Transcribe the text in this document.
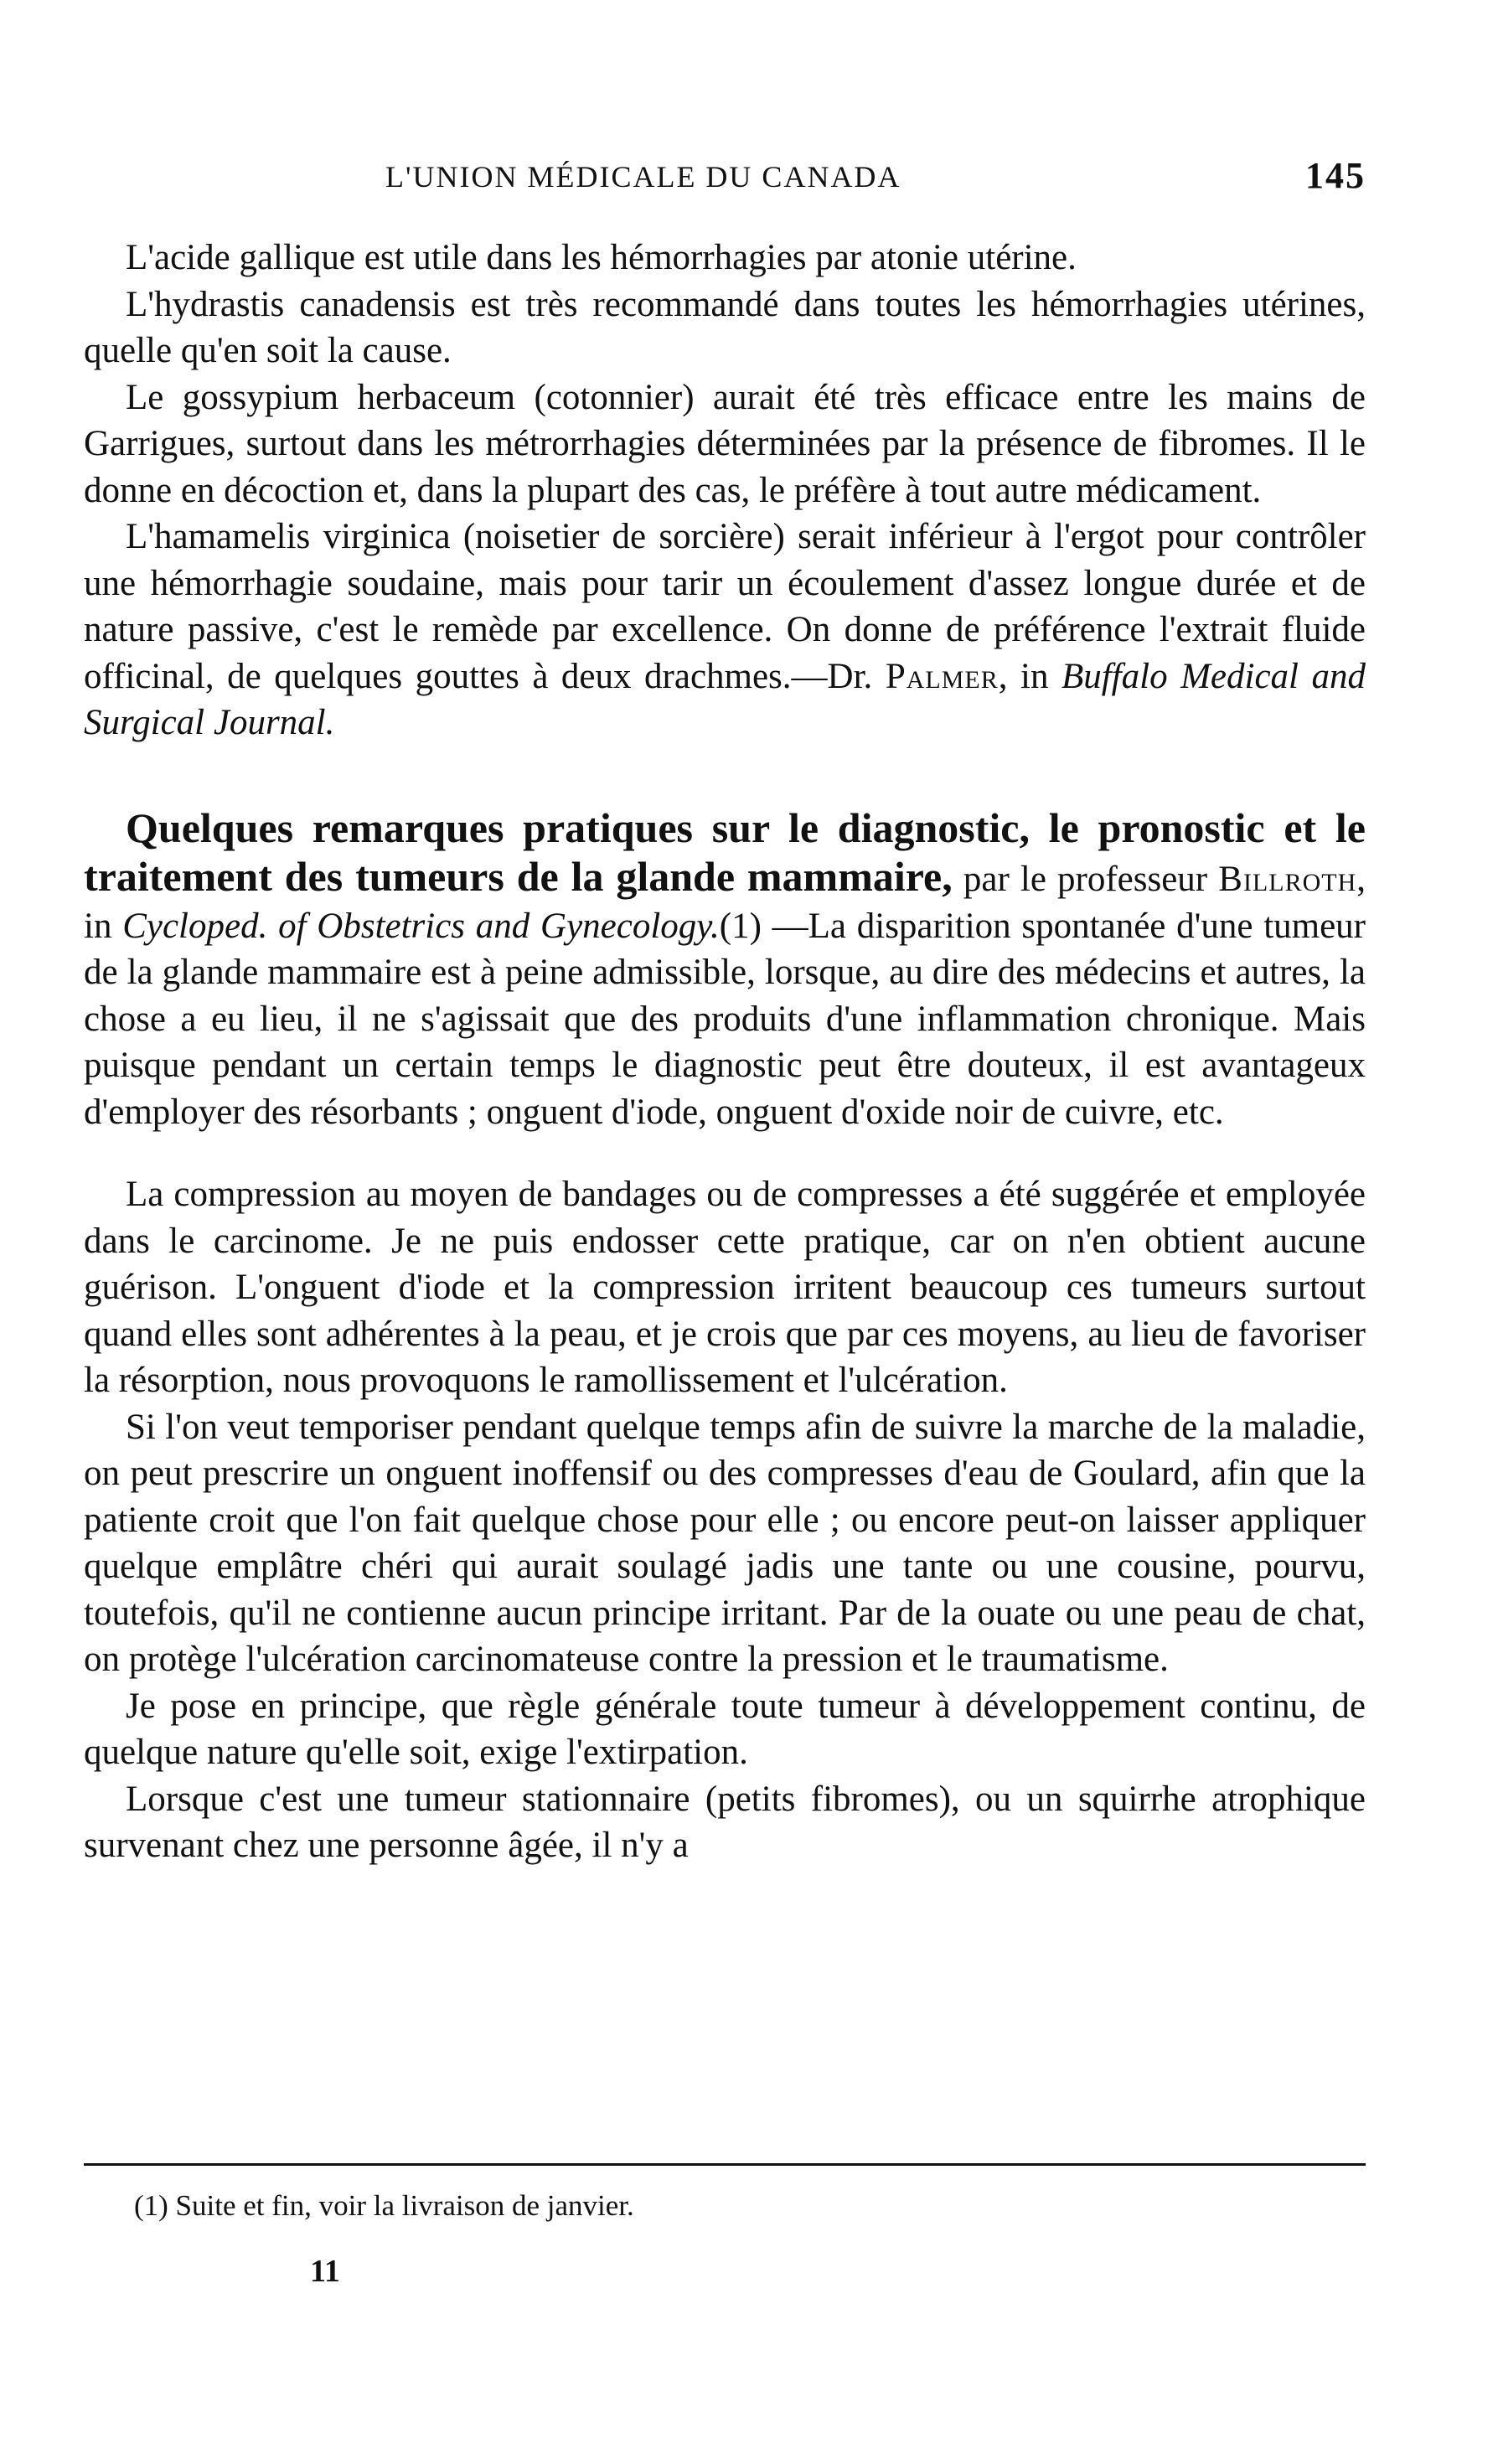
L'UNION MÉDICALE DU CANADA	145

L'acide gallique est utile dans les hémorrhagies par atonie utérine.

L'hydrastis canadensis est très recommandé dans toutes les hémorrhagies utérines, quelle qu'en soit la cause.

Le gossypium herbaceum (cotonnier) aurait été très efficace entre les mains de Garrigues, surtout dans les métrorrhagies déterminées par la présence de fibromes. Il le donne en décoction et, dans la plupart des cas, le préfère à tout autre médicament.

L'hamamelis virginica (noisetier de sorcière) serait inférieur à l'ergot pour contrôler une hémorrhagie soudaine, mais pour tarir un écoulement d'assez longue durée et de nature passive, c'est le remède par excellence. On donne de préférence l'extrait fluide officinal, de quelques gouttes à deux drachmes.—Dr. Palmer, in Buffalo Medical and Surgical Journal.

Quelques remarques pratiques sur le diagnostic, le pronostic et le traitement des tumeurs de la glande mammaire, par le professeur Billroth, in Cycloped. of Obstetrics and Gynecology.(1) —La disparition spontanée d'une tumeur de la glande mammaire est à peine admissible, lorsque, au dire des médecins et autres, la chose a eu lieu, il ne s'agissait que des produits d'une inflammation chronique. Mais puisque pendant un certain temps le diagnostic peut être douteux, il est avantageux d'employer des résorbants ; onguent d'iode, onguent d'oxide noir de cuivre, etc.

La compression au moyen de bandages ou de compresses a été suggérée et employée dans le carcinome. Je ne puis endosser cette pratique, car on n'en obtient aucune guérison. L'onguent d'iode et la compression irritent beaucoup ces tumeurs surtout quand elles sont adhérentes à la peau, et je crois que par ces moyens, au lieu de favoriser la résorption, nous provoquons le ramollissement et l'ulcération.

Si l'on veut temporiser pendant quelque temps afin de suivre la marche de la maladie, on peut prescrire un onguent inoffensif ou des compresses d'eau de Goulard, afin que la patiente croit que l'on fait quelque chose pour elle ; ou encore peut-on laisser appliquer quelque emplâtre chéri qui aurait soulagé jadis une tante ou une cousine, pourvu, toutefois, qu'il ne contienne aucun principe irritant. Par de la ouate ou une peau de chat, on protège l'ulcération carcinomateuse contre la pression et le traumatisme.

Je pose en principe, que règle générale toute tumeur à développement continu, de quelque nature qu'elle soit, exige l'extirpation.

Lorsque c'est une tumeur stationnaire (petits fibromes), ou un squirrhe atrophique survenant chez une personne âgée, il n'y a

(1) Suite et fin, voir la livraison de janvier.
11
